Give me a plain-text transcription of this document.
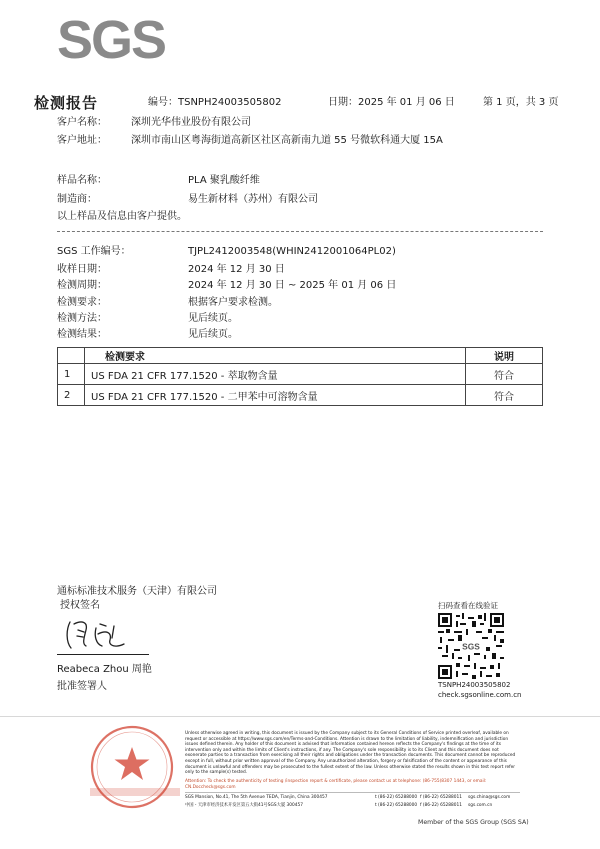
SGS
检测报告	编号：TSNPH24003505802	日期：2025 年 01 月 06 日	第 1 页，共 3 页
客户名称： 深圳光华伟业股份有限公司
客户地址： 深圳市南山区粤海街道高新区社区高新南九道 55 号微软科通大厦 15A
样品名称：	PLA 聚乳酸纤维
制造商：	易生新材料（苏州）有限公司
以上样品及信息由客户提供。
SGS 工作编号：	TJPL2412003548(WHIN2412001064PL02)
收样日期：	2024 年 12 月 30 日
检测周期：	2024 年 12 月 30 日 ~ 2025 年 01 月 06 日
检测要求：	根据客户要求检测。
检测方法：	见后续页。
检测结果：	见后续页。
	检测要求	说明
1	US FDA 21 CFR 177.1520 - 萃取物含量	符合
2	US FDA 21 CFR 177.1520 - 二甲苯中可溶物含量	符合
通标标准技术服务（天津）有限公司
授权签名
Reabeca Zhou 周艳
批准签署人
扫码查看在线验证
SGS
TSNPH24003505802
check.sgsonline.com.cn
Unless otherwise agreed in writing, this document is issued by the Company subject to its General Conditions of Service printed overleaf, available on request or accessible at https://www.sgs.com/en/Terms-and-Conditions. Attention is drawn to the limitation of liability, indemnification and jurisdiction issues defined therein. Any holder of this document is advised that information contained hereon reflects the Company's findings at the time of its intervention only and within the limits of Client's instructions, if any. The Company's sole responsibility is to its Client and this document does not exonerate parties to a transaction from exercising all their rights and obligations under the transaction documents. This document cannot be reproduced except in full, without prior written approval of the Company. Any unauthorized alteration, forgery or falsification of the content or appearance of this document is unlawful and offenders may be prosecuted to the fullest extent of the law. Unless otherwise stated the results shown in this test report refer only to the sample(s) tested.
Attention: To check the authenticity of testing /inspection report & certificate, please contact us at telephone: (86-755)8307 1443, or email: CN.Doccheck@sgs.com
SGS Mansion, No.41, The 5th Avenue TEDA, Tianjin, China 300457
中国・天津市经济技术开发区第五大街41号SGS大厦 300457
t (86-22) 65288000
t (86-22) 65288000
f (86-22) 65288011
f (86-22) 65288011
sgs.china@sgs.com
sgs.com.cn
Member of the SGS Group (SGS SA)
